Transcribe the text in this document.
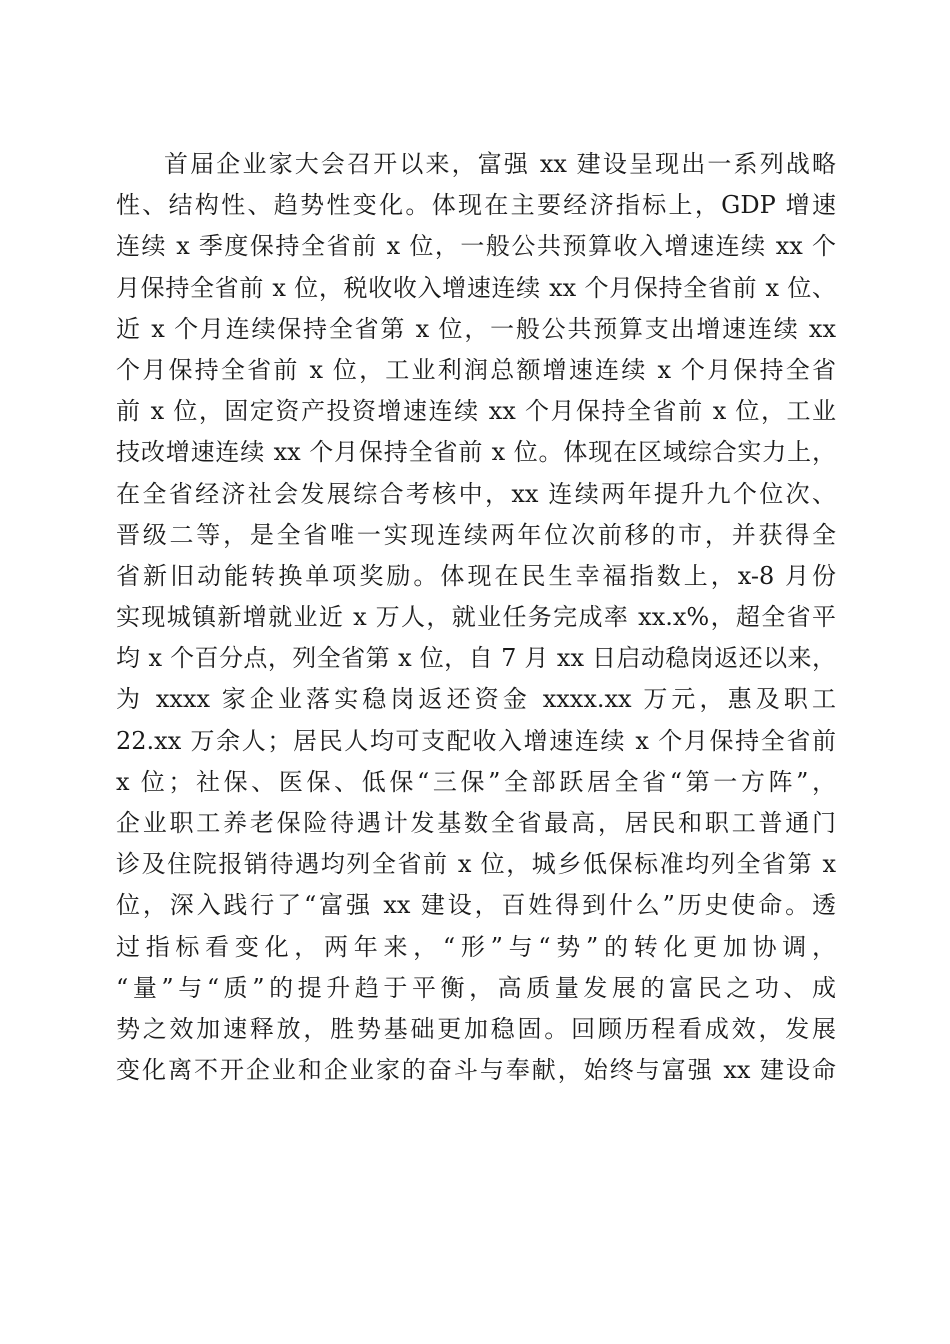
首届企业家大会召开以来，富强 xx 建设呈现出一系列战略
性、结构性、趋势性变化。体现在主要经济指标上，GDP 增速
连续 x 季度保持全省前 x 位，一般公共预算收入增速连续 xx 个
月保持全省前 x 位，税收收入增速连续 xx 个月保持全省前 x 位、
近 x 个月连续保持全省第 x 位，一般公共预算支出增速连续 xx
个月保持全省前 x 位，工业利润总额增速连续 x 个月保持全省
前 x 位，固定资产投资增速连续 xx 个月保持全省前 x 位，工业
技改增速连续 xx 个月保持全省前 x 位。体现在区域综合实力上，
在全省经济社会发展综合考核中，xx 连续两年提升九个位次、
晋级二等，是全省唯一实现连续两年位次前移的市，并获得全
省新旧动能转换单项奖励。体现在民生幸福指数上，x-8 月份
实现城镇新增就业近 x 万人，就业任务完成率 xx.x%，超全省平
均 x 个百分点，列全省第 x 位，自 7 月 xx 日启动稳岗返还以来，
为 xxxx 家企业落实稳岗返还资金 xxxx.xx 万元，惠及职工
22.xx 万余人；居民人均可支配收入增速连续 x 个月保持全省前
x 位；社保、医保、低保“三保”全部跃居全省“第一方阵”，
企业职工养老保险待遇计发基数全省最高，居民和职工普通门
诊及住院报销待遇均列全省前 x 位，城乡低保标准均列全省第 x
位，深入践行了“富强 xx 建设，百姓得到什么”历史使命。透
过指标看变化，两年来，“形”与“势”的转化更加协调，
“量”与“质”的提升趋于平衡，高质量发展的富民之功、成
势之效加速释放，胜势基础更加稳固。回顾历程看成效，发展
变化离不开企业和企业家的奋斗与奉献，始终与富强 xx 建设命
